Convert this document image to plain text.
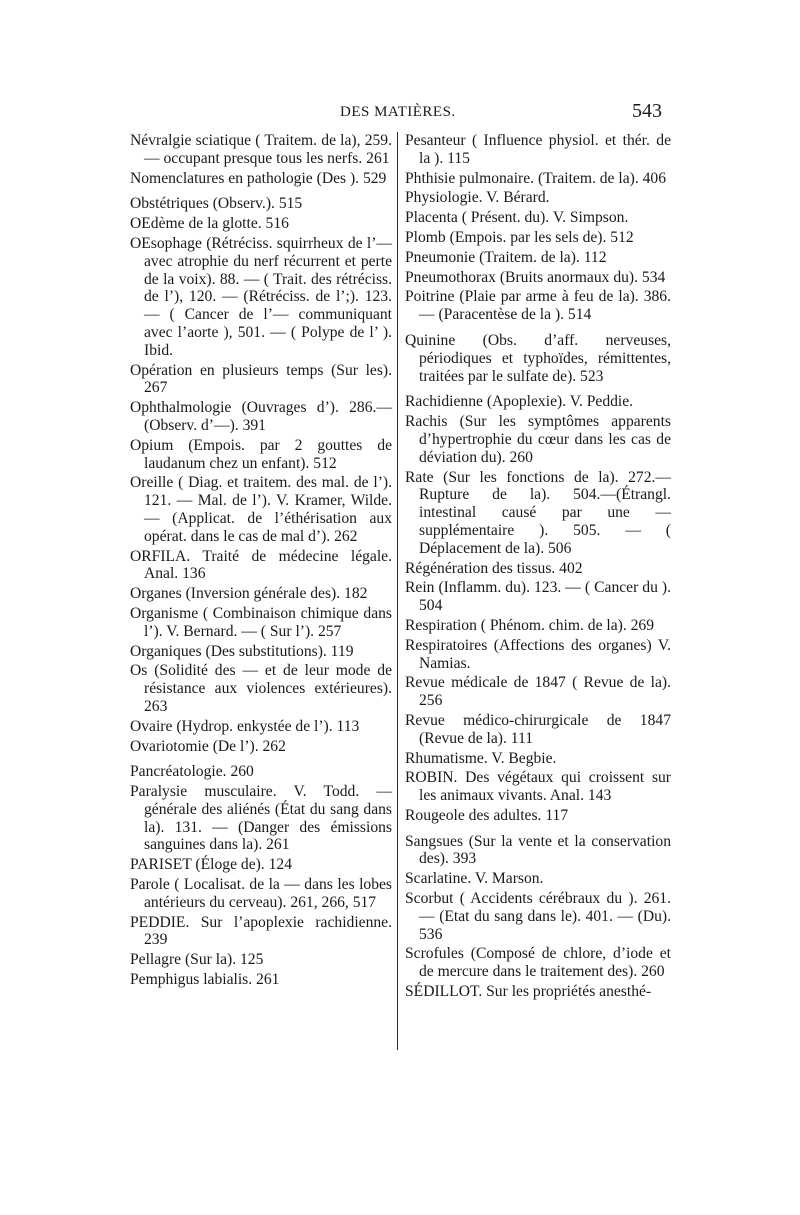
DES MATIÈRES.	543

Névralgie sciatique ( Traitem. de la), 259. — occupant presque tous les nerfs. 261

Nomenclatures en pathologie (Des ). 529

Obstétriques (Observ.). 515

OEdème de la glotte. 516

OEsophage (Rétréciss. squirrheux de l’— avec atrophie du nerf récurrent et perte de la voix). 88. — ( Trait. des rétréciss. de l’), 120. — (Rétréciss. de l’;). 123. — ( Cancer de l’— communiquant avec l’aorte ), 501. — ( Polype de l’ ). Ibid.

Opération en plusieurs temps (Sur les). 267

Ophthalmologie (Ouvrages d’). 286.— (Observ. d’—). 391

Opium (Empois. par 2 gouttes de laudanum chez un enfant). 512

Oreille ( Diag. et traitem. des mal. de l’). 121. — Mal. de l’). V. Kramer, Wilde. — (Applicat. de l’éthérisation aux opérat. dans le cas de mal d’). 262

ORFILA. Traité de médecine légale. Anal. 136

Organes (Inversion générale des). 182

Organisme ( Combinaison chimique dans l’). V. Bernard. — ( Sur l’). 257

Organiques (Des substitutions). 119

Os (Solidité des — et de leur mode de résistance aux violences extérieures). 263

Ovaire (Hydrop. enkystée de l’). 113

Ovariotomie (De l’). 262

Pancréatologie. 260

Paralysie musculaire. V. Todd. — générale des aliénés (État du sang dans la). 131. — (Danger des émissions sanguines dans la). 261

PARISET (Éloge de). 124

Parole ( Localisat. de la — dans les lobes antérieurs du cerveau). 261, 266, 517

PEDDIE. Sur l’apoplexie rachidienne. 239

Pellagre (Sur la). 125

Pemphigus labialis. 261

Pesanteur ( Influence physiol. et thér. de la ). 115

Phthisie pulmonaire. (Traitem. de la). 406

Physiologie. V. Bérard.

Placenta ( Présent. du). V. Simpson.

Plomb (Empois. par les sels de). 512

Pneumonie (Traitem. de la). 112

Pneumothorax (Bruits anormaux du). 534

Poitrine (Plaie par arme à feu de la). 386. — (Paracentèse de la ). 514

Quinine (Obs. d’aff. nerveuses, périodiques et typhoïdes, rémittentes, traitées par le sulfate de). 523

Rachidienne (Apoplexie). V. Peddie.

Rachis (Sur les symptômes apparents d’hypertrophie du cœur dans les cas de déviation du). 260

Rate (Sur les fonctions de la). 272.— Rupture de la). 504.—(Étrangl. intestinal causé par une — supplémentaire ). 505. — ( Déplacement de la). 506

Régénération des tissus. 402

Rein (Inflamm. du). 123. — ( Cancer du ). 504

Respiration ( Phénom. chim. de la). 269

Respiratoires (Affections des organes) V. Namias.

Revue médicale de 1847 ( Revue de la). 256

Revue médico-chirurgicale de 1847 (Revue de la). 111

Rhumatisme. V. Begbie.

ROBIN. Des végétaux qui croissent sur les animaux vivants. Anal. 143

Rougeole des adultes. 117

Sangsues (Sur la vente et la conservation des). 393

Scarlatine. V. Marson.

Scorbut ( Accidents cérébraux du ). 261. — (Etat du sang dans le). 401. — (Du). 536

Scrofules (Composé de chlore, d’iode et de mercure dans le traitement des). 260

SÉDILLOT. Sur les propriétés anesthé-
